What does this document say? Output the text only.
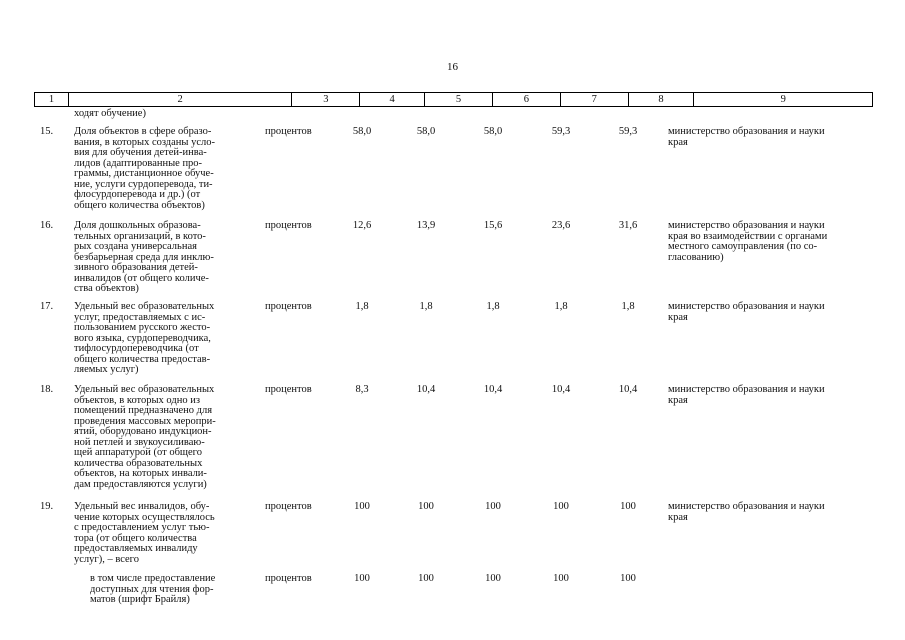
16
1	2	3	4	5	6	7	8	9
ходят обучение)
15. Доля объектов в сфере образо-
вания, в которых созданы усло-
вия для обучения детей-инва-
лидов (адаптированные про-
граммы, дистанционное обуче-
ние, услуги сурдоперевода, ти-
флосурдоперевода и др.) (от
общего количества объектов)
процентов	58,0	58,0	58,0	59,3	59,3	министерство образования и науки
края
16. Доля дошкольных образова-
тельных организаций, в кото-
рых создана универсальная
безбарьерная среда для инклю-
зивного образования детей-
инвалидов (от общего количе-
ства объектов)
процентов	12,6	13,9	15,6	23,6	31,6	министерство образования и науки
края во взаимодействии с органами
местного самоуправления (по со-
гласованию)
17. Удельный вес образовательных
услуг, предоставляемых с ис-
пользованием русского жесто-
вого языка, сурдопереводчика,
тифлосурдопереводчика (от
общего количества предостав-
ляемых услуг)
процентов	1,8	1,8	1,8	1,8	1,8	министерство образования и науки
края
18. Удельный вес образовательных
объектов, в которых одно из
помещений предназначено для
проведения массовых меропри-
ятий, оборудовано индукцион-
ной петлей и звукоусиливаю-
щей аппаратурой (от общего
количества образовательных
объектов, на которых инвали-
дам предоставляются услуги)
процентов	8,3	10,4	10,4	10,4	10,4	министерство образования и науки
края
19. Удельный вес инвалидов, обу-
чение которых осуществлялось
с предоставлением услуг тью-
тора (от общего количества
предоставляемых инвалиду
услуг), – всего
процентов	100	100	100	100	100	министерство образования и науки
края
в том числе предоставление
доступных для чтения фор-
матов (шрифт Брайля)
процентов	100	100	100	100	100
